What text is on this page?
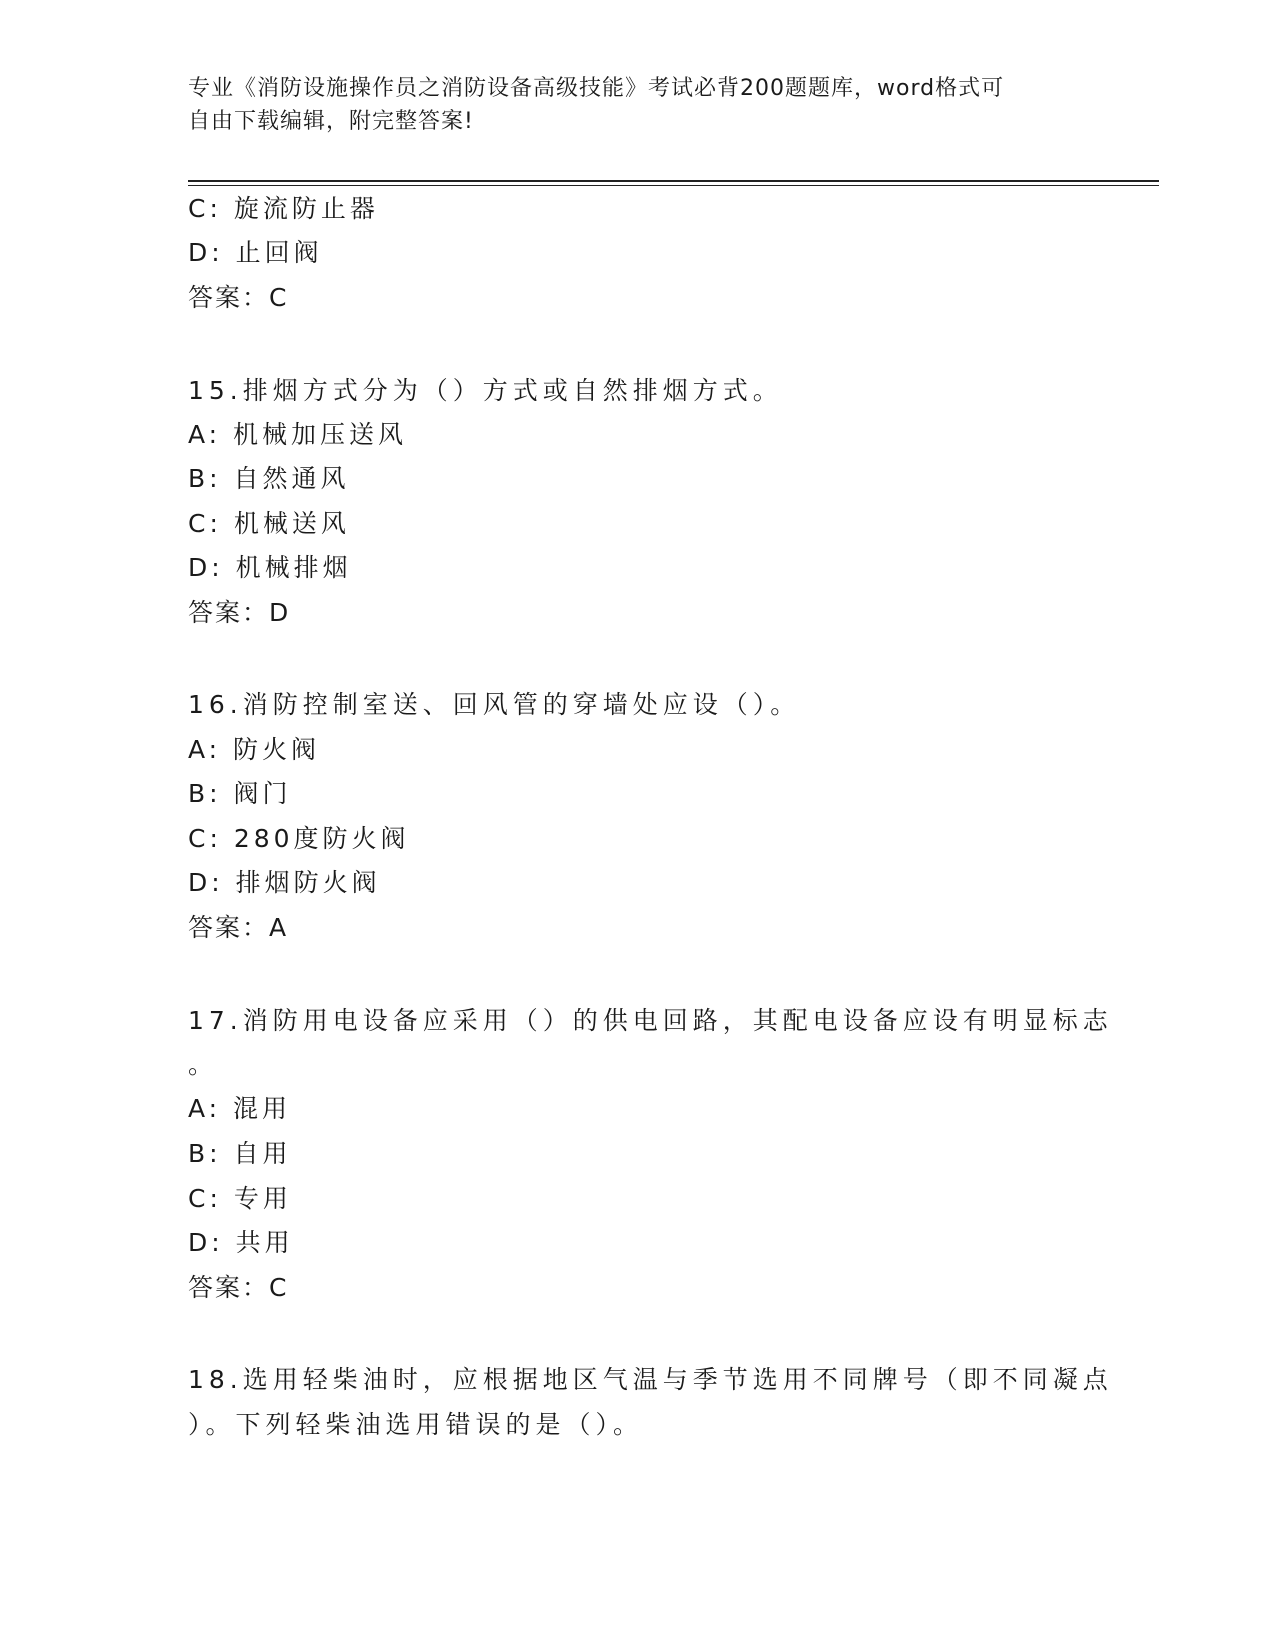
专业《消防设施操作员之消防设备高级技能》考试必背200题题库，word格式可
自由下载编辑，附完整答案!
C: 旋流防止器
D: 止回阀
答案：C
15.排烟方式分为（）方式或自然排烟方式。
A: 机械加压送风
B: 自然通风
C: 机械送风
D: 机械排烟
答案：D
16.消防控制室送、回风管的穿墙处应设（）。
A: 防火阀
B: 阀门
C: 280度防火阀
D: 排烟防火阀
答案：A
17.消防用电设备应采用（）的供电回路，其配电设备应设有明显标志
。
A: 混用
B: 自用
C: 专用
D: 共用
答案：C
18.选用轻柴油时，应根据地区气温与季节选用不同牌号（即不同凝点
）。下列轻柴油选用错误的是（）。
